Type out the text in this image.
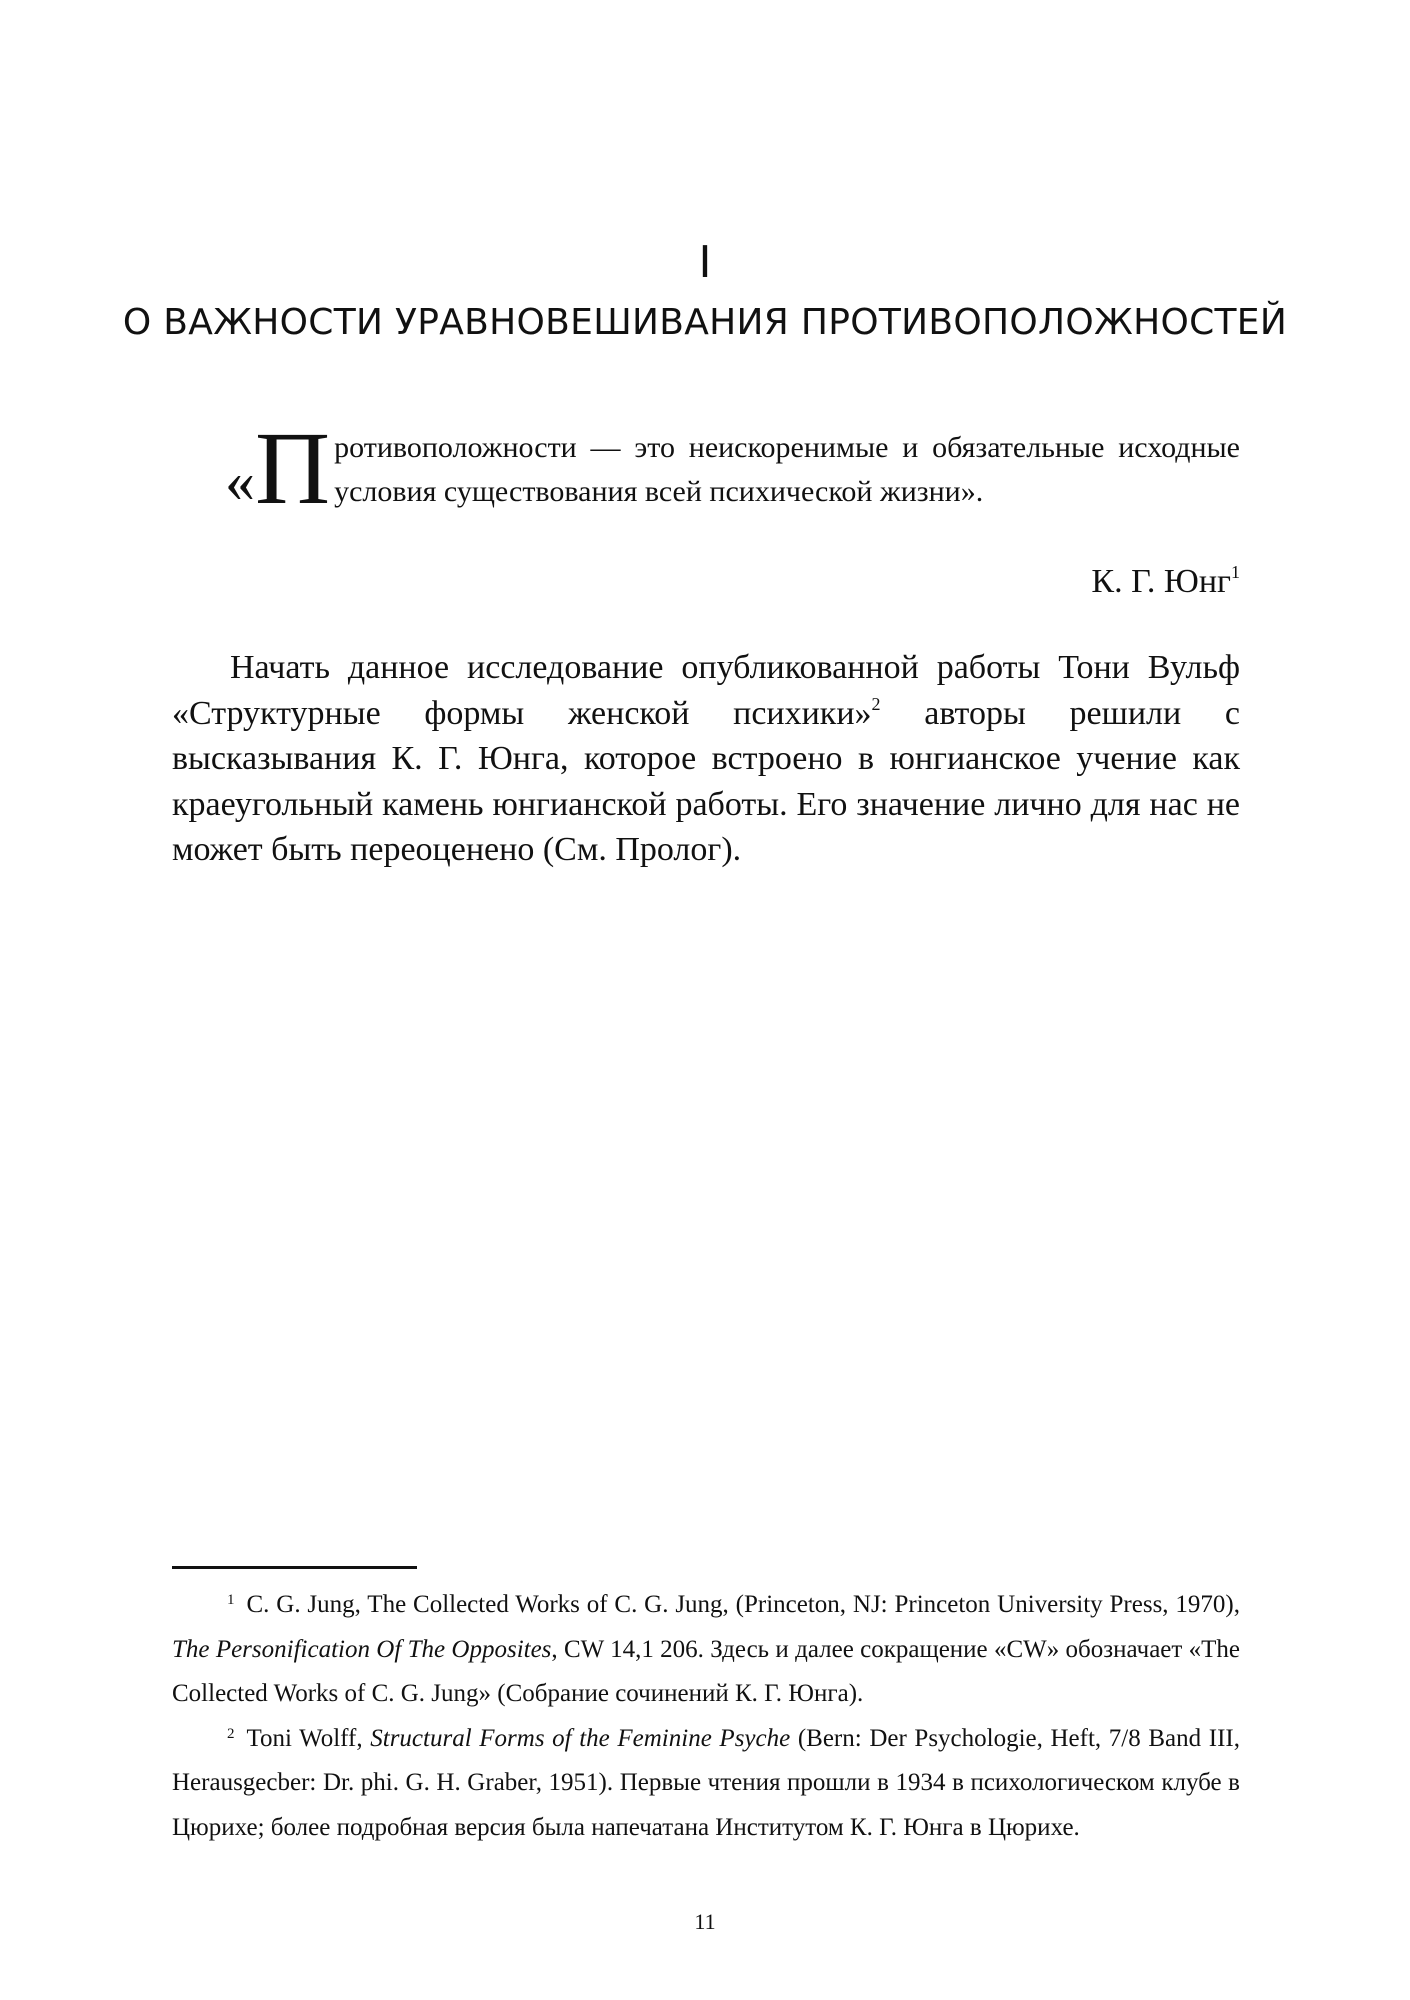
I
О ВАЖНОСТИ УРАВНОВЕШИВАНИЯ ПРОТИВОПОЛОЖНОСТЕЙ
«П ротивоположности — это неискоренимые и обязательные исходные условия существования всей психической жизни».
К. Г. Юнг$^1$

Начать данное исследование опубликованной работы Тони Вульф «Структурные формы женской психики»$^2$ авторы решили с высказывания К. Г. Юнга, которое встроено в юнгианское учение как краеугольный камень юнгианской работы. Его значение лично для нас не может быть переоценено (См. Пролог).

$^1$ C. G. Jung, The Collected Works of C. G. Jung, (Princeton, NJ: Princeton University Press, 1970), The Personification Of The Opposites, CW 14,1 206. Здесь и далее сокращение «CW» обозначает «The Collected Works of C. G. Jung» (Собрание сочинений К. Г. Юнга).

$^2$ Toni Wolff, Structural Forms of the Feminine Psyche (Bern: Der Psychologie, Heft, 7/8 Band III, Herausgecber: Dr. phi. G. H. Graber, 1951). Первые чтения прошли в 1934 в психологическом клубе в Цюрихе; более подробная версия была напечатана Институтом К. Г. Юнга в Цюрихе.

11
